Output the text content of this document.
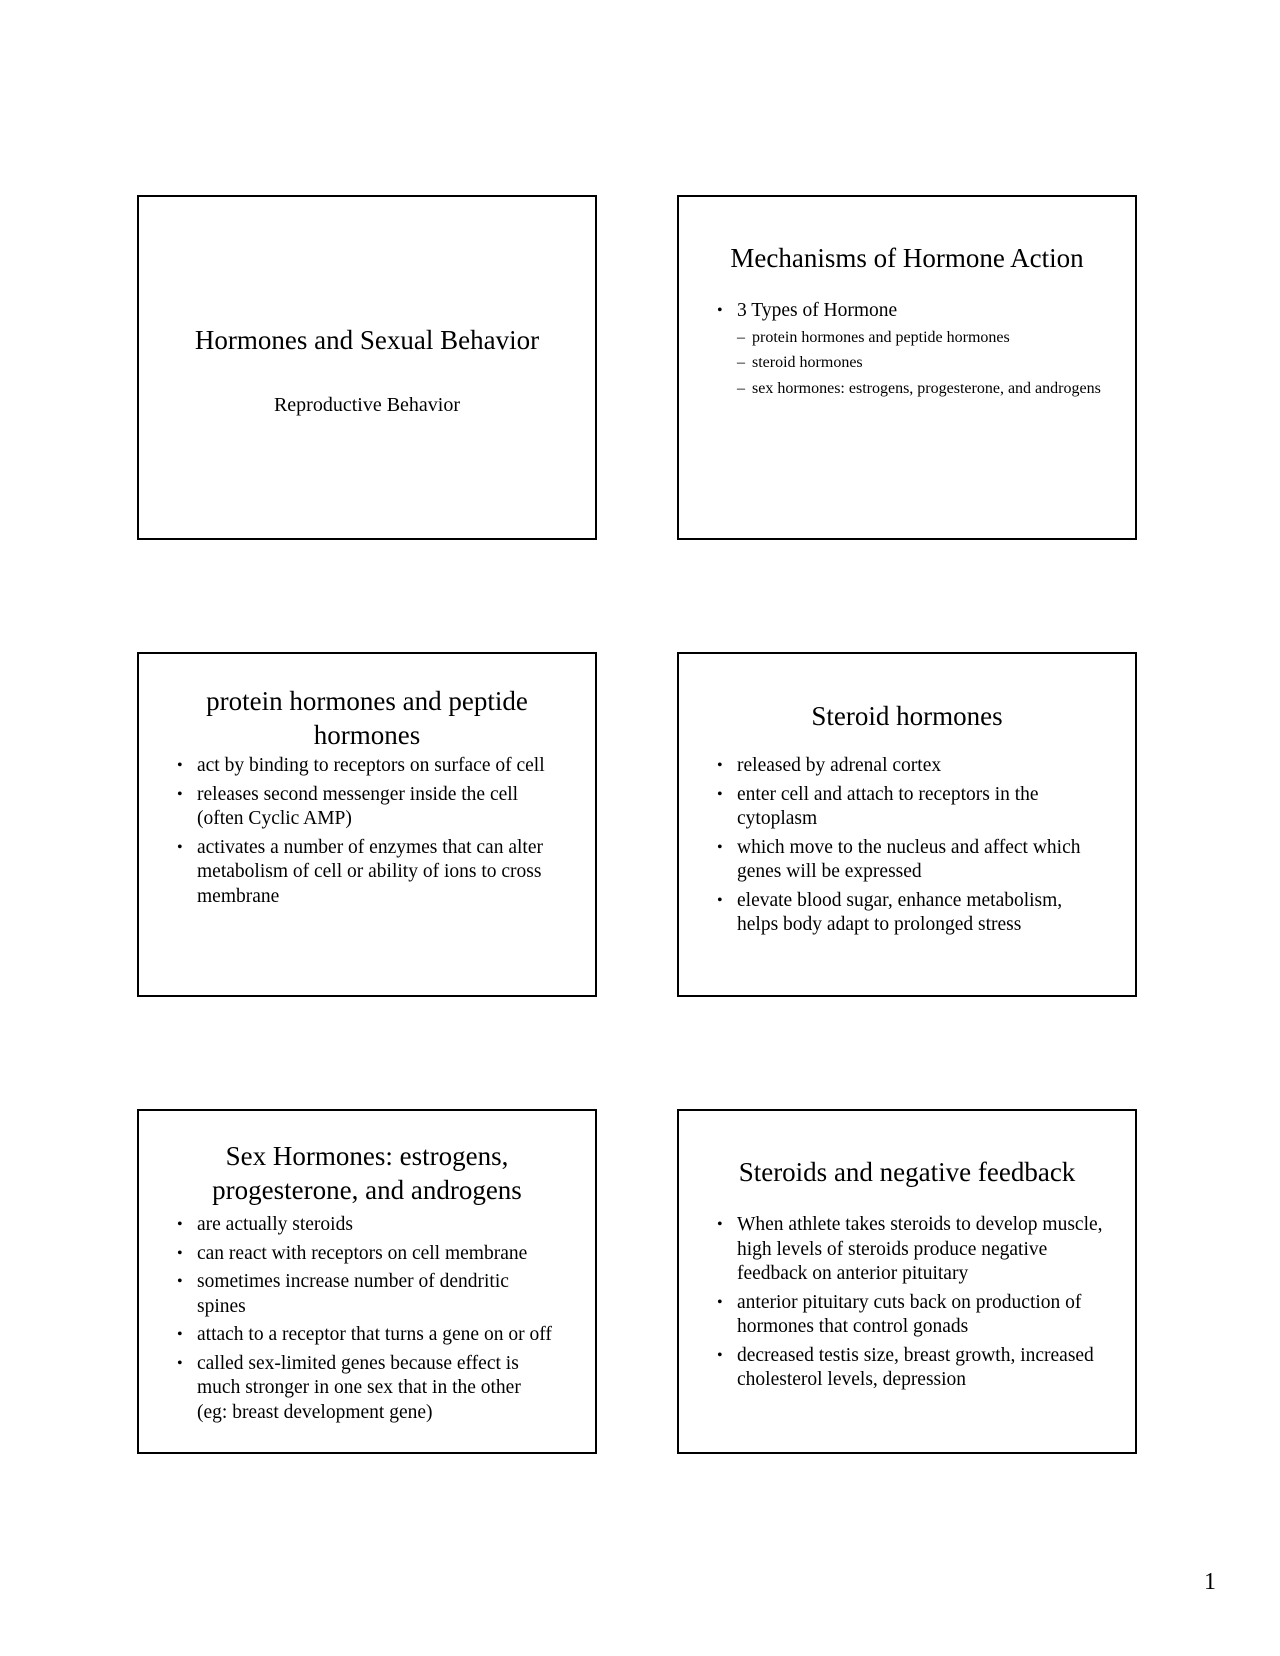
Hormones and Sexual Behavior
Reproductive Behavior
Mechanisms of Hormone Action
• 3 Types of Hormone
– protein hormones and peptide hormones
– steroid hormones
– sex hormones: estrogens, progesterone, and androgens
protein hormones and peptide hormones
• act by binding to receptors on surface of cell
• releases second messenger inside the cell (often Cyclic AMP)
• activates a number of enzymes that can alter metabolism of cell or ability of ions to cross membrane
Steroid hormones
• released by adrenal cortex
• enter cell and attach to receptors in the cytoplasm
• which move to the nucleus and affect which genes will be expressed
• elevate blood sugar, enhance metabolism, helps body adapt to prolonged stress
Sex Hormones: estrogens, progesterone, and androgens
• are actually steroids
• can react with receptors on cell membrane
• sometimes increase number of dendritic spines
• attach to a receptor that turns a gene on or off
• called sex-limited genes because effect is much stronger in one sex that in the other (eg: breast development gene)
Steroids and negative feedback
• When athlete takes steroids to develop muscle, high levels of steroids produce negative feedback on anterior pituitary
• anterior pituitary cuts back on production of hormones that control gonads
• decreased testis size, breast growth, increased cholesterol levels, depression
1
